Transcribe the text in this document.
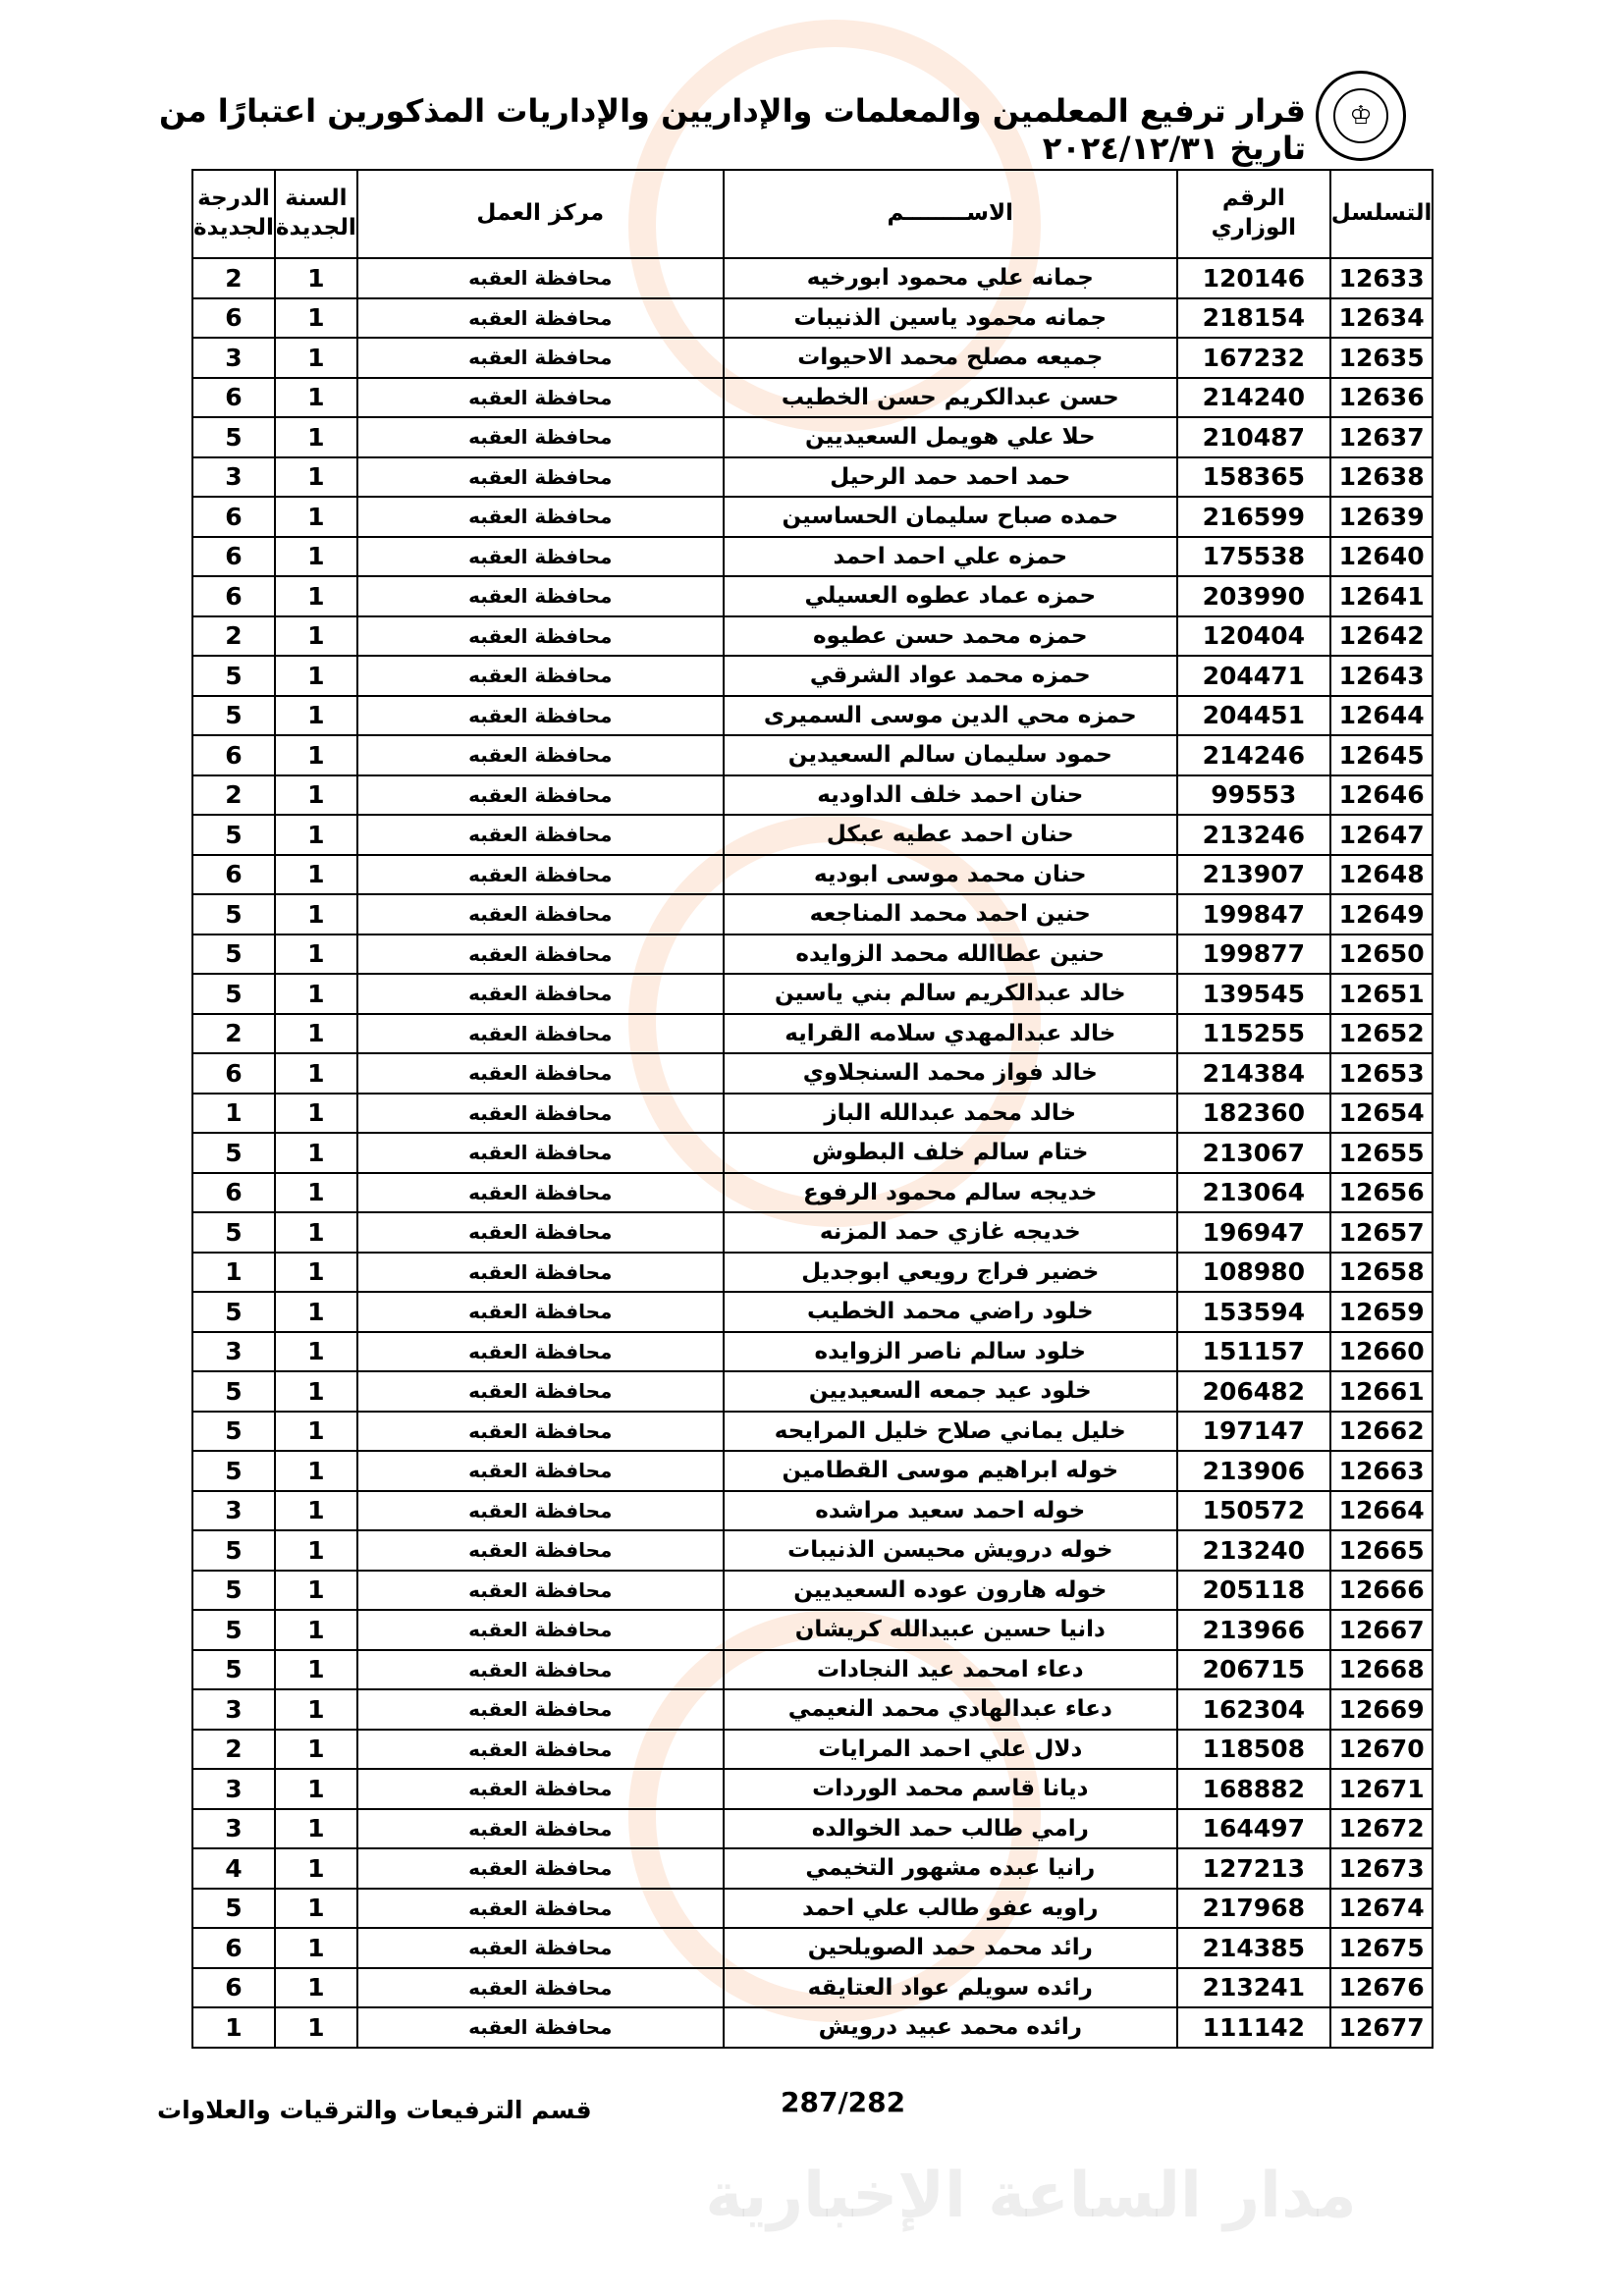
مدار الساعة الإخبارية
♔
قرار ترفيع المعلمين والمعلمات والإداريين والإداريات المذكورين اعتبارًا من تاريخ ٢٠٢٤/١٢/٣١
التسلسل	الرقم الوزاري	الاســــــــم	مركز العمل	السنة الجديدة	الدرجة الجديدة
12633	120146	جمانه علي محمود ابورخيه	محافظة العقبه	1	2
12634	218154	جمانه محمود ياسين الذنيبات	محافظة العقبه	1	6
12635	167232	جميعه مصلح محمد الاحيوات	محافظة العقبه	1	3
12636	214240	حسن عبدالكريم حسن الخطيب	محافظة العقبه	1	6
12637	210487	حلا علي هويمل السعيديين	محافظة العقبه	1	5
12638	158365	حمد احمد حمد الرحيل	محافظة العقبه	1	3
12639	216599	حمده صباح سليمان الحساسين	محافظة العقبه	1	6
12640	175538	حمزه علي احمد احمد	محافظة العقبه	1	6
12641	203990	حمزه عماد عطوه العسيلي	محافظة العقبه	1	6
12642	120404	حمزه محمد حسن عطيوه	محافظة العقبه	1	2
12643	204471	حمزه محمد عواد الشرقي	محافظة العقبه	1	5
12644	204451	حمزه محي الدين موسى السميرى	محافظة العقبه	1	5
12645	214246	حمود سليمان سالم السعيدين	محافظة العقبه	1	6
12646	99553	حنان احمد خلف الداوديه	محافظة العقبه	1	2
12647	213246	حنان احمد عطيه عبكل	محافظة العقبه	1	5
12648	213907	حنان محمد موسى ابوديه	محافظة العقبه	1	6
12649	199847	حنين احمد محمد المناجعه	محافظة العقبه	1	5
12650	199877	حنين عطاالله محمد الزوايده	محافظة العقبه	1	5
12651	139545	خالد عبدالكريم سالم بني ياسين	محافظة العقبه	1	5
12652	115255	خالد عبدالمهدي سلامه القرايه	محافظة العقبه	1	2
12653	214384	خالد فواز محمد السنجلاوي	محافظة العقبه	1	6
12654	182360	خالد محمد عبدالله الباز	محافظة العقبه	1	1
12655	213067	ختام سالم خلف البطوش	محافظة العقبه	1	5
12656	213064	خديجه سالم محمود الرفوع	محافظة العقبه	1	6
12657	196947	خديجه غازي حمد المزنه	محافظة العقبه	1	5
12658	108980	خضير فراج رويعي ابوجديل	محافظة العقبه	1	1
12659	153594	خلود راضي محمد الخطيب	محافظة العقبه	1	5
12660	151157	خلود سالم ناصر الزوايده	محافظة العقبه	1	3
12661	206482	خلود عيد جمعه السعيديين	محافظة العقبه	1	5
12662	197147	خليل يماني صلاح خليل المرايحه	محافظة العقبه	1	5
12663	213906	خوله ابراهيم موسى القطامين	محافظة العقبه	1	5
12664	150572	خوله احمد سعيد مراشده	محافظة العقبه	1	3
12665	213240	خوله درويش محيسن الذنيبات	محافظة العقبه	1	5
12666	205118	خوله هارون عوده السعيديين	محافظة العقبه	1	5
12667	213966	دانيا حسين عبيدالله كريشان	محافظة العقبه	1	5
12668	206715	دعاء امحمد عيد النجادات	محافظة العقبه	1	5
12669	162304	دعاء عبدالهادي محمد النعيمي	محافظة العقبه	1	3
12670	118508	دلال علي احمد المرايات	محافظة العقبه	1	2
12671	168882	ديانا قاسم محمد الوردات	محافظة العقبه	1	3
12672	164497	رامي طالب حمد الخوالده	محافظة العقبه	1	3
12673	127213	رانيا عبده مشهور التخيمي	محافظة العقبه	1	4
12674	217968	راويه عفو طالب علي احمد	محافظة العقبه	1	5
12675	214385	رائد محمد حمد الصويلحين	محافظة العقبه	1	6
12676	213241	رائده سويلم عواد العتايقه	محافظة العقبه	1	6
12677	111142	رائده محمد عبيد درويش	محافظة العقبه	1	1
287/282
قسم الترفيعات والترقيات والعلاوات
